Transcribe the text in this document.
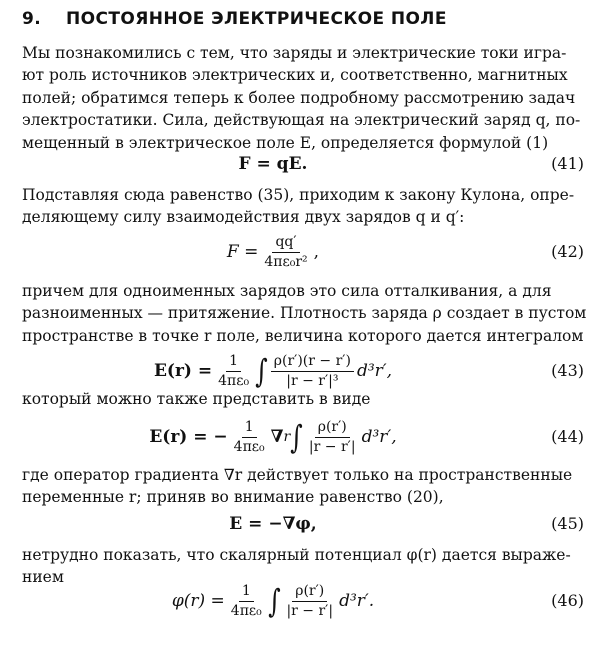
9. ПОСТОЯННОЕ ЭЛЕКТРИЧЕСКОЕ ПОЛЕ
Мы познакомились с тем, что заряды и электрические токи игра-
ют роль источников электрических и, соответственно, магнитных
полей; обратимся теперь к более подробному рассмотрению задач
электростатики. Сила, действующая на электрический заряд q, по-
мещенный в электрическое поле E, определяется формулой (1)
F = qE.	(41)
Подставляя сюда равенство (35), приходим к закону Кулона, опре-
деляющему силу взаимодействия двух зарядов q и q′:
$F = \frac{qq'}{\text{4πε₀r²}}$ ,	(42)
причем для одноименных зарядов это сила отталкивания, а для
разноименных — притяжение. Плотность заряда ρ создает в пустом
пространстве в точке r поле, величина которого дается интегралом
$E(r) = \frac{1}{\text{4πε₀}}$ ∫ $\frac{\rho(r')(r - r')}{\text{|r − r′|³}} d^3r'$,	(43)
который можно также представить в виде
E(r) = − $\frac{1}{\text{4πε₀}}$ ∇ r ∫ $\frac{\rho(r')}{|r - r'|} d^3r'$,	(44)
где оператор градиента ∇r действует только на пространственные
переменные r; приняв во внимание равенство (20),
E = −∇φ,	(45)
нетрудно показать, что скалярный потенциал φ(r) дается выраже-
нием
$\varphi(r) = \frac{1}{\text{4πε₀}}$ ∫ $\frac{\rho(r')}{|r - r'|} d^3r'$.	(46)
